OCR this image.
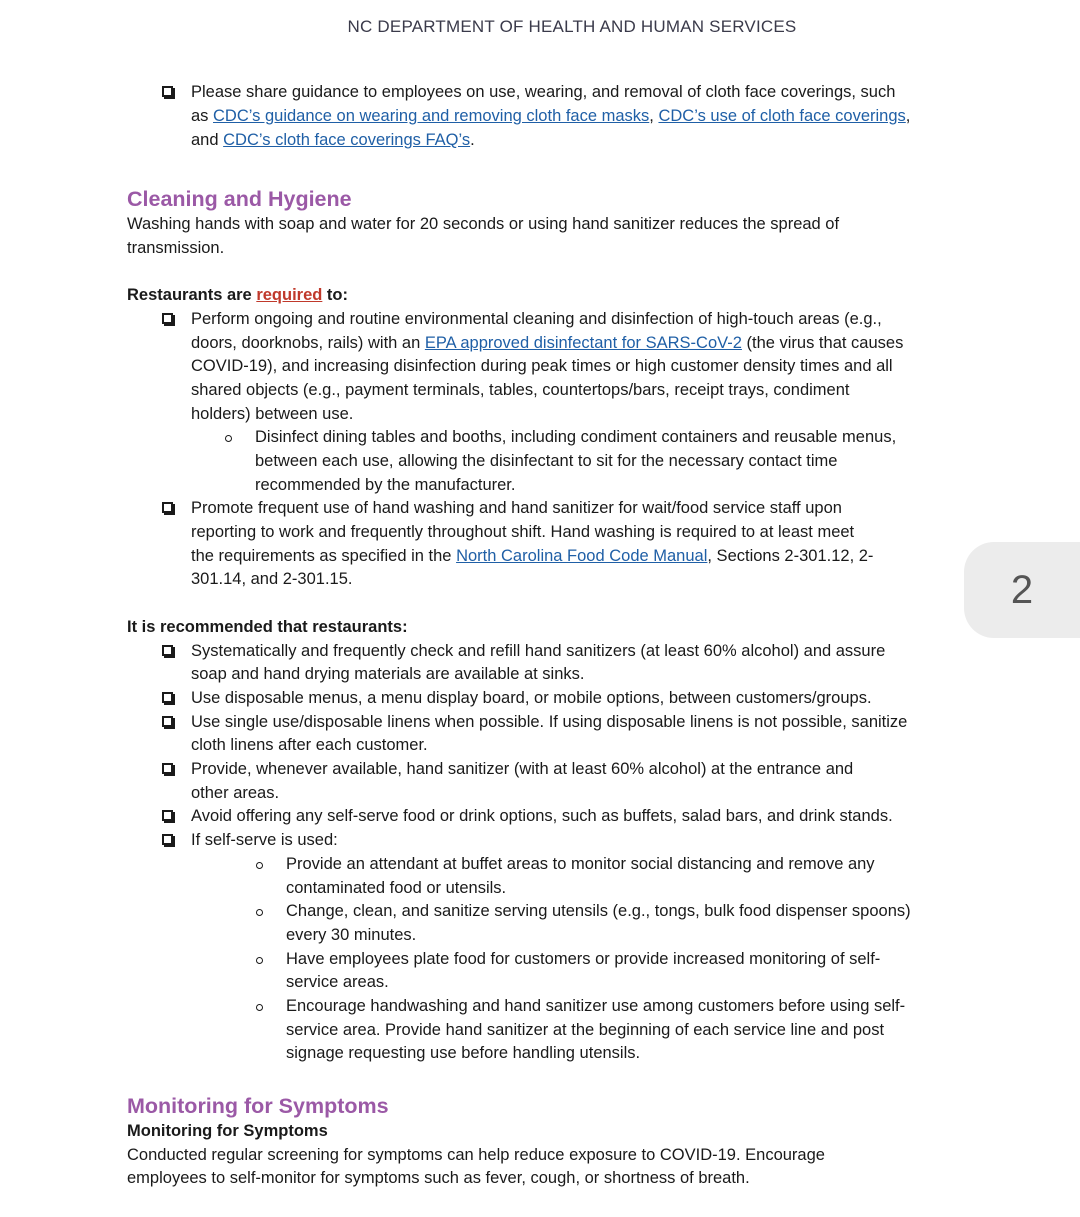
NC DEPARTMENT OF HEALTH AND HUMAN SERVICES
Please share guidance to employees on use, wearing, and removal of cloth face coverings, such
as CDC’s guidance on wearing and removing cloth face masks, CDC’s use of cloth face coverings,
and CDC’s cloth face coverings FAQ’s.
Cleaning and Hygiene
Washing hands with soap and water for 20 seconds or using hand sanitizer reduces the spread of
transmission.
Restaurants are required to:
Perform ongoing and routine environmental cleaning and disinfection of high-touch areas (e.g.,
doors, doorknobs, rails) with an EPA approved disinfectant for SARS-CoV-2 (the virus that causes
COVID-19), and increasing disinfection during peak times or high customer density times and all
shared objects (e.g., payment terminals, tables, countertops/bars, receipt trays, condiment
holders) between use.
Disinfect dining tables and booths, including condiment containers and reusable menus,
between each use, allowing the disinfectant to sit for the necessary contact time
recommended by the manufacturer.
Promote frequent use of hand washing and hand sanitizer for wait/food service staff upon
reporting to work and frequently throughout shift. Hand washing is required to at least meet
the requirements as specified in the North Carolina Food Code Manual, Sections 2-301.12, 2-
301.14, and 2-301.15.
It is recommended that restaurants:
Systematically and frequently check and refill hand sanitizers (at least 60% alcohol) and assure
soap and hand drying materials are available at sinks.
Use disposable menus, a menu display board, or mobile options, between customers/groups.
Use single use/disposable linens when possible. If using disposable linens is not possible, sanitize
cloth linens after each customer.
Provide, whenever available, hand sanitizer (with at least 60% alcohol) at the entrance and
other areas.
Avoid offering any self-serve food or drink options, such as buffets, salad bars, and drink stands.
If self-serve is used:
Provide an attendant at buffet areas to monitor social distancing and remove any
contaminated food or utensils.
Change, clean, and sanitize serving utensils (e.g., tongs, bulk food dispenser spoons)
every 30 minutes.
Have employees plate food for customers or provide increased monitoring of self-
service areas.
Encourage handwashing and hand sanitizer use among customers before using self-
service area. Provide hand sanitizer at the beginning of each service line and post
signage requesting use before handling utensils.
Monitoring for Symptoms
Monitoring for Symptoms
Conducted regular screening for symptoms can help reduce exposure to COVID-19. Encourage
employees to self-monitor for symptoms such as fever, cough, or shortness of breath.
2
